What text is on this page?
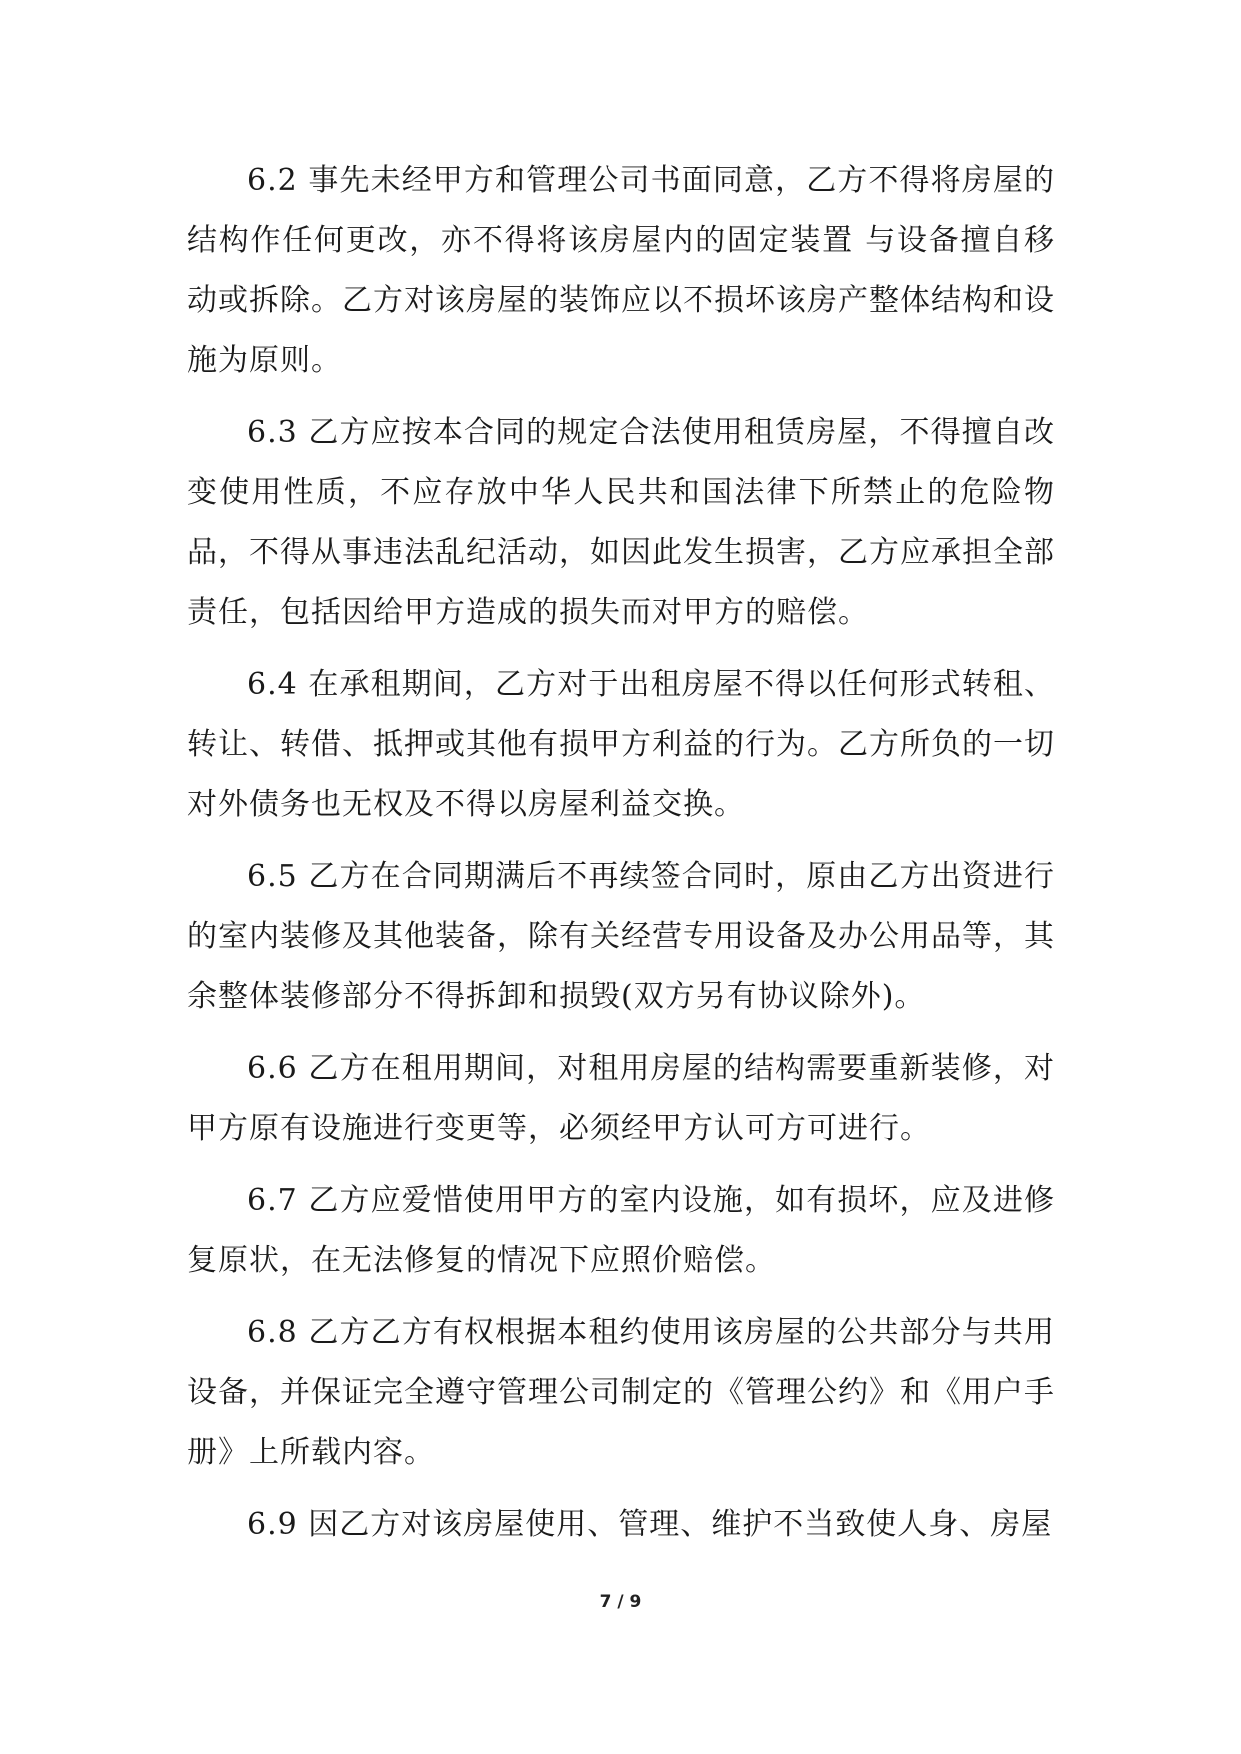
6.2 事先未经甲方和管理公司书面同意，乙方不得将房屋的结构作任何更改，亦不得将该房屋内的固定装置 与设备擅自移动或拆除。乙方对该房屋的装饰应以不损坏该房产整体结构和设施为原则。

6.3 乙方应按本合同的规定合法使用租赁房屋，不得擅自改变使用性质，不应存放中华人民共和国法律下所禁止的危险物品，不得从事违法乱纪活动，如因此发生损害，乙方应承担全部责任，包括因给甲方造成的损失而对甲方的赔偿。

6.4 在承租期间，乙方对于出租房屋不得以任何形式转租、转让、转借、抵押或其他有损甲方利益的行为。乙方所负的一切对外债务也无权及不得以房屋利益交换。

6.5 乙方在合同期满后不再续签合同时，原由乙方出资进行的室内装修及其他装备，除有关经营专用设备及办公用品等，其余整体装修部分不得拆卸和损毁(双方另有协议除外)。

6.6 乙方在租用期间，对租用房屋的结构需要重新装修，对甲方原有设施进行变更等，必须经甲方认可方可进行。

6.7 乙方应爱惜使用甲方的室内设施，如有损坏，应及进修复原状，在无法修复的情况下应照价赔偿。

6.8 乙方乙方有权根据本租约使用该房屋的公共部分与共用设备，并保证完全遵守管理公司制定的《管理公约》和《用户手册》上所载内容。

6.9 因乙方对该房屋使用、管理、维护不当致使人身、房屋

7 / 9
